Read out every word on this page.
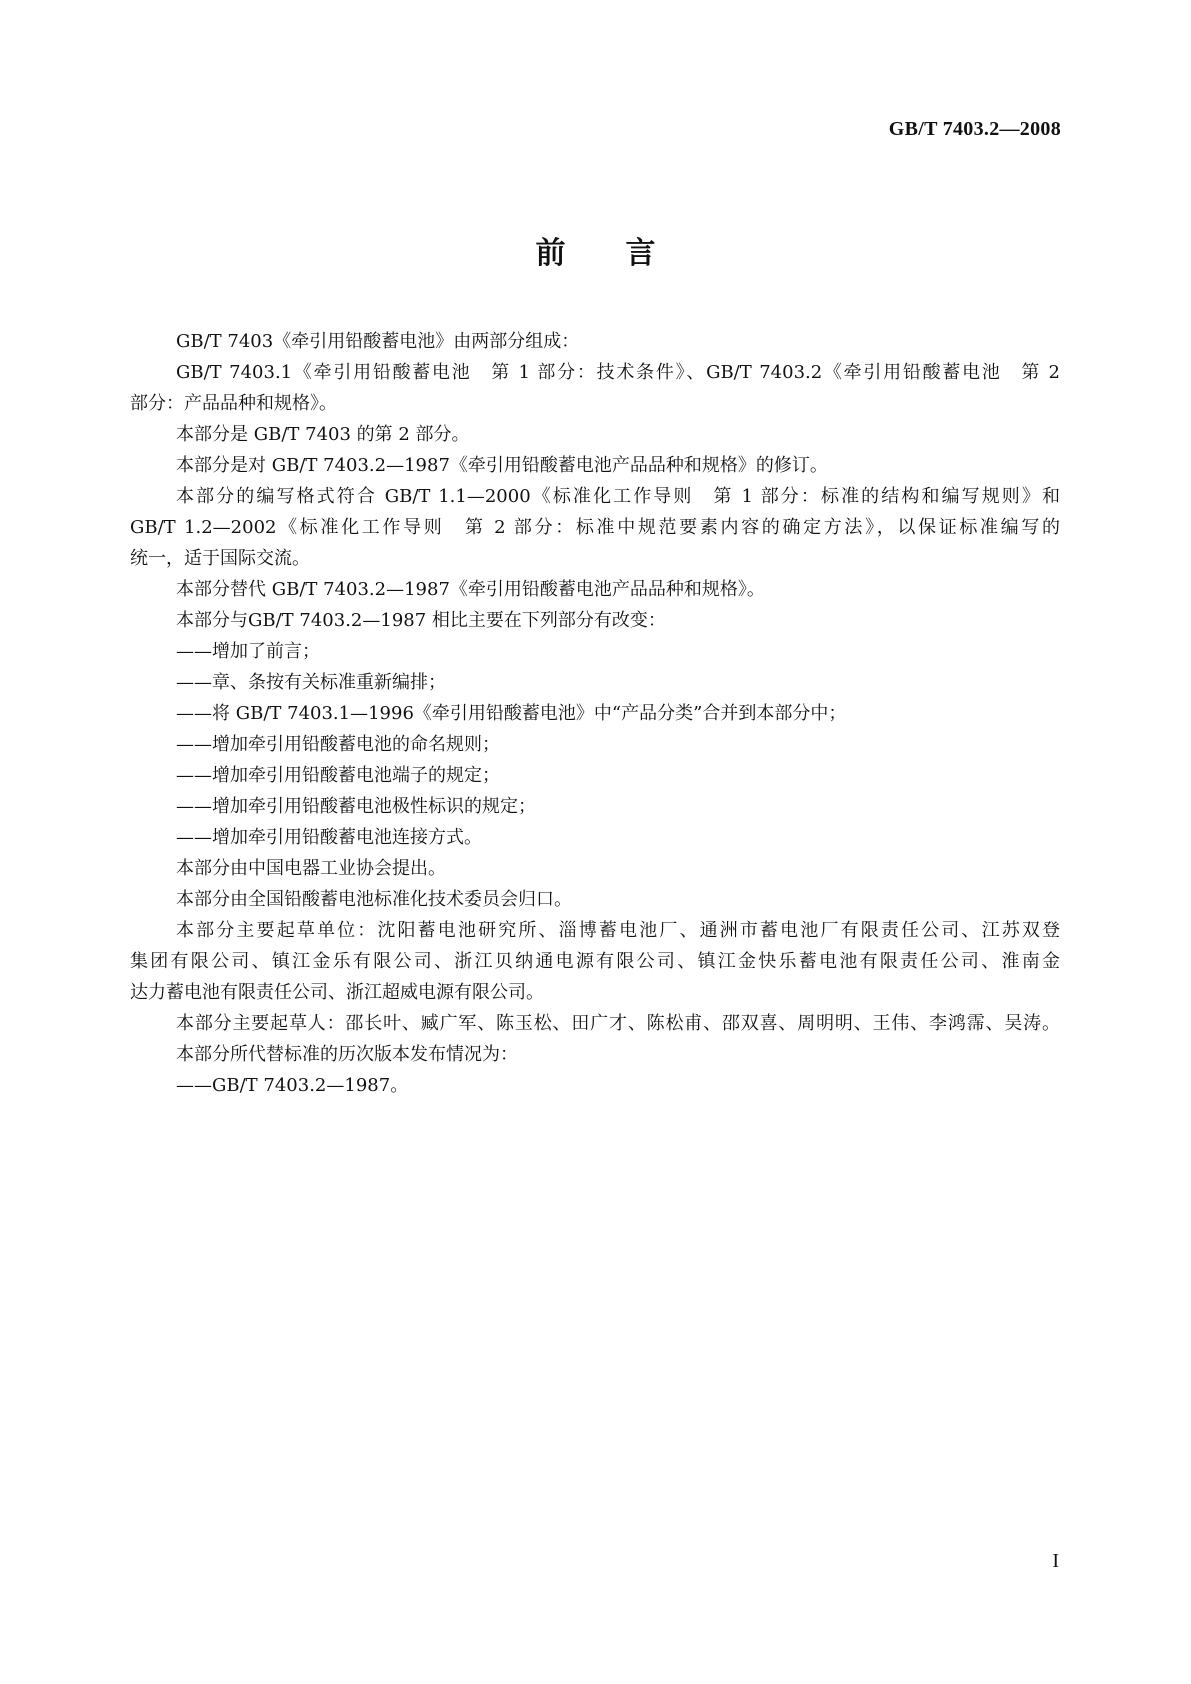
GB/T 7403.2—2008
前　　言

GB/T 7403《牵引用铅酸蓄电池》由两部分组成：

GB/T 7403.1《牵引用铅酸蓄电池　第 1 部分：技术条件》、GB/T 7403.2《牵引用铅酸蓄电池　第 2

部分：产品品种和规格》。

本部分是 GB/T 7403 的第 2 部分。

本部分是对 GB/T 7403.2—1987《牵引用铅酸蓄电池产品品种和规格》的修订。

本部分的编写格式符合 GB/T 1.1—2000《标准化工作导则　第 1 部分：标准的结构和编写规则》和

GB/T 1.2—2002《标准化工作导则　第 2 部分：标准中规范要素内容的确定方法》，以保证标准编写的

统一，适于国际交流。

本部分替代 GB/T 7403.2—1987《牵引用铅酸蓄电池产品品种和规格》。

本部分与GB/T 7403.2—1987 相比主要在下列部分有改变：

——增加了前言；

——章、条按有关标准重新编排；

——将 GB/T 7403.1—1996《牵引用铅酸蓄电池》中“产品分类”合并到本部分中；

——增加牵引用铅酸蓄电池的命名规则；

——增加牵引用铅酸蓄电池端子的规定；

——增加牵引用铅酸蓄电池极性标识的规定；

——增加牵引用铅酸蓄电池连接方式。

本部分由中国电器工业协会提出。

本部分由全国铅酸蓄电池标准化技术委员会归口。

本部分主要起草单位：沈阳蓄电池研究所、淄博蓄电池厂、通洲市蓄电池厂有限责任公司、江苏双登

集团有限公司、镇江金乐有限公司、浙江贝纳通电源有限公司、镇江金快乐蓄电池有限责任公司、淮南金

达力蓄电池有限责任公司、浙江超威电源有限公司。

本部分主要起草人：邵长叶、臧广军、陈玉松、田广才、陈松甫、邵双喜、周明明、王伟、李鸿霈、吴涛。

本部分所代替标准的历次版本发布情况为：

——GB/T 7403.2—1987。

I
